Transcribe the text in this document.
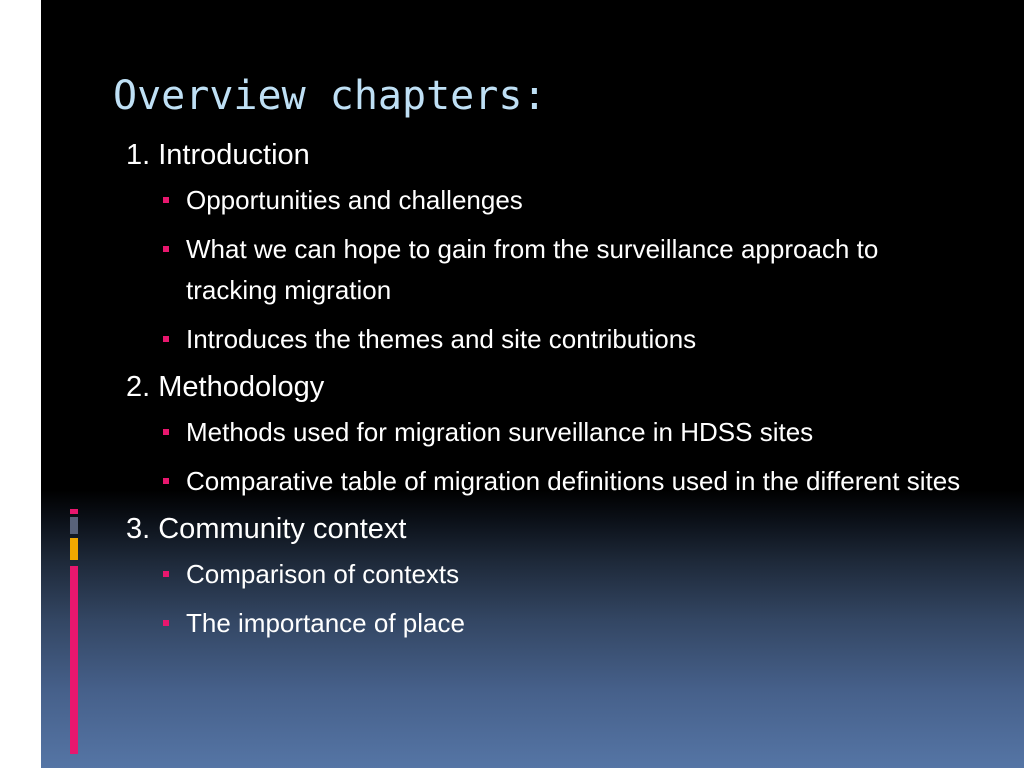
Overview chapters:
1. Introduction
Opportunities and challenges
What we can hope to gain from the surveillance approach to tracking migration
Introduces the themes and site contributions
2. Methodology
Methods used for migration surveillance in HDSS sites
Comparative table of migration definitions used in the different sites
3. Community context
Comparison of contexts
The importance of place
